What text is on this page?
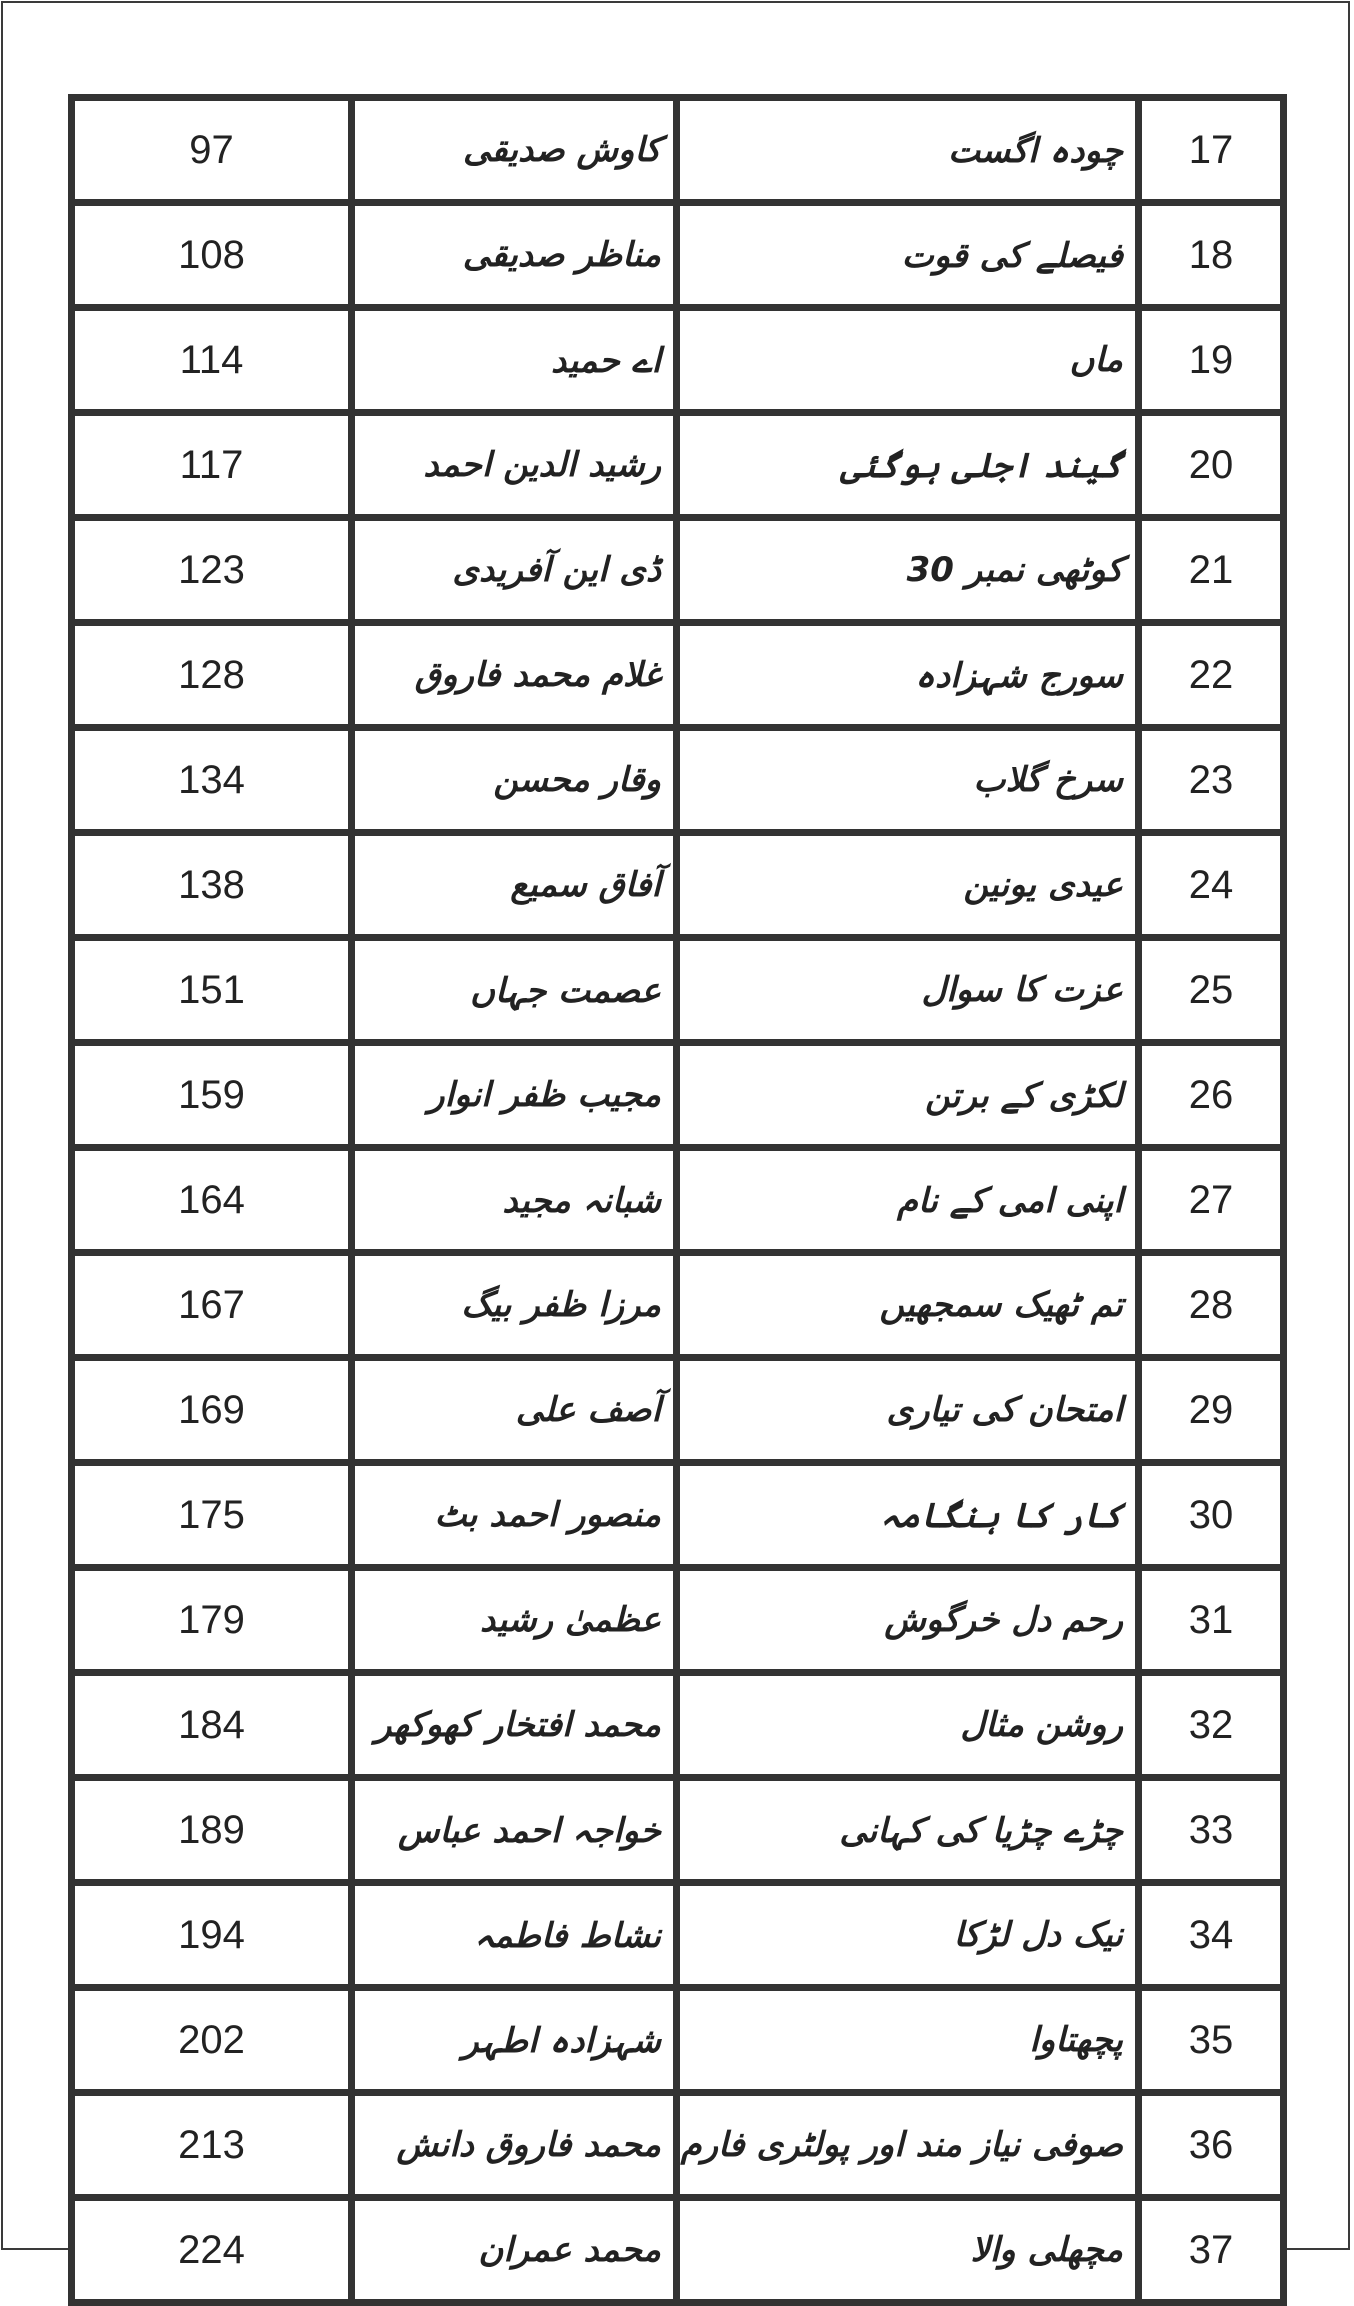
97	کاوش صدیقی	چودہ اگست	17
108	مناظر صدیقی	فیصلے کی قوت	18
114	اے حمید	ماں	19
117	رشید الدین احمد	گیند اجلی ہوگئی	20
123	ڈی این آفریدی	کوٹھی نمبر 30	21
128	غلام محمد فاروق	سورج شہزادہ	22
134	وقار محسن	سرخ گلاب	23
138	آفاق سمیع	عیدی یونین	24
151	عصمت جہاں	عزت کا سوال	25
159	مجیب ظفر انوار	لکڑی کے برتن	26
164	شبانہ مجید	اپنی امی کے نام	27
167	مرزا ظفر بیگ	تم ٹھیک سمجھیں	28
169	آصف علی	امتحان کی تیاری	29
175	منصور احمد بٹ	کار کا ہنگامہ	30
179	عظمیٰ رشید	رحم دل خرگوش	31
184	محمد افتخار کھوکھر	روشن مثال	32
189	خواجہ احمد عباس	چڑے چڑیا کی کہانی	33
194	نشاط فاطمہ	نیک دل لڑکا	34
202	شہزادہ اطہر	پچھتاوا	35
213	محمد فاروق دانش	صوفی نیاز مند اور پولٹری فارم	36
224	محمد عمران	مچھلی والا	37
